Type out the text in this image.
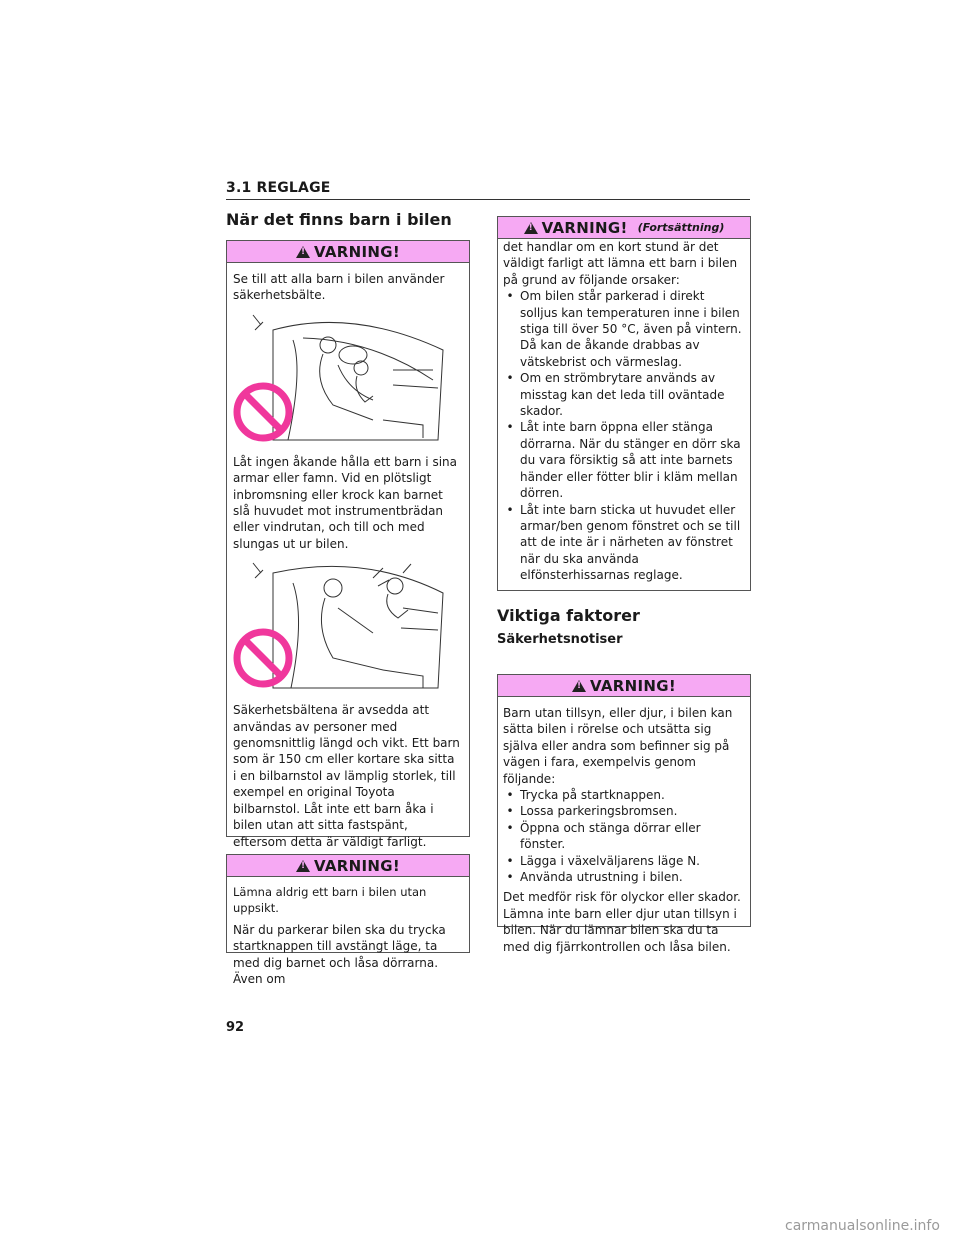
3.1 REGLAGE
När det finns barn i bilen
!
VARNING!

Se till att alla barn i bilen använder säkerhetsbälte.

Låt ingen åkande hålla ett barn i sina armar eller famn. Vid en plötsligt inbromsning eller krock kan barnet slå huvudet mot instrumentbrädan eller vindrutan, och till och med slungas ut ur bilen.

Säkerhetsbältena är avsedda att användas av personer med genomsnittlig längd och vikt. Ett barn som är 150 cm eller kortare ska sitta i en bilbarnstol av lämplig storlek, till exempel en original Toyota bilbarnstol. Låt inte ett barn åka i bilen utan att sitta fastspänt, eftersom detta är väldigt farligt.

!
VARNING!

Lämna aldrig ett barn i bilen utan uppsikt.

När du parkerar bilen ska du trycka startknappen till avstängt läge, ta med dig barnet och låsa dörrarna. Även om

!
VARNING! (Fortsättning)

det handlar om en kort stund är det väldigt farligt att lämna ett barn i bilen på grund av följande orsaker:

• Om bilen står parkerad i direkt solljus kan temperaturen inne i bilen stiga till över 50 °C, även på vintern. Då kan de åkande drabbas av vätskebrist och värmeslag.
• Om en strömbrytare används av misstag kan det leda till oväntade skador.
• Låt inte barn öppna eller stänga dörrarna. När du stänger en dörr ska du vara försiktig så att inte barnets händer eller fötter blir i kläm mellan dörren.
• Låt inte barn sticka ut huvudet eller armar/ben genom fönstret och se till att de inte är i närheten av fönstret när du ska använda elfönsterhissarnas reglage.
Viktiga faktorer
Säkerhetsnotiser
!
VARNING!

Barn utan tillsyn, eller djur, i bilen kan sätta bilen i rörelse och utsätta sig själva eller andra som befinner sig på vägen i fara, exempelvis genom följande:

• Trycka på startknappen.
• Lossa parkeringsbromsen.
• Öppna och stänga dörrar eller fönster.
• Lägga i växelväljarens läge N.
• Använda utrustning i bilen.

Det medför risk för olyckor eller skador. Lämna inte barn eller djur utan tillsyn i bilen. När du lämnar bilen ska du ta med dig fjärrkontrollen och låsa bilen.

92
carmanualsonline.info
